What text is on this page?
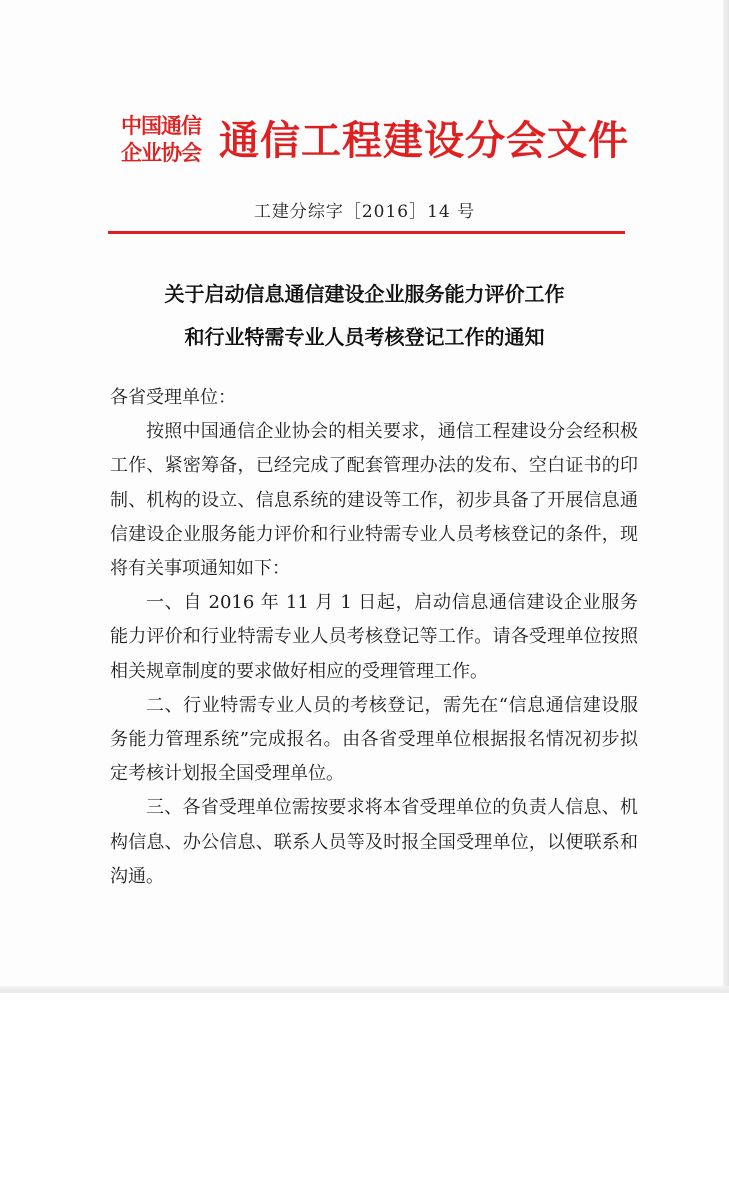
中国通信
企业协会 通信工程建设分会文件
工建分综字［2016］14 号
关于启动信息通信建设企业服务能力评价工作
和行业特需专业人员考核登记工作的通知

各省受理单位：

按照中国通信企业协会的相关要求，通信工程建设分会经积极工作、紧密筹备，已经完成了配套管理办法的发布、空白证书的印制、机构的设立、信息系统的建设等工作，初步具备了开展信息通信建设企业服务能力评价和行业特需专业人员考核登记的条件，现将有关事项通知如下：

一、自 2016 年 11 月 1 日起，启动信息通信建设企业服务能力评价和行业特需专业人员考核登记等工作。请各受理单位按照相关规章制度的要求做好相应的受理管理工作。

二、行业特需专业人员的考核登记，需先在“信息通信建设服务能力管理系统”完成报名。由各省受理单位根据报名情况初步拟定考核计划报全国受理单位。

三、各省受理单位需按要求将本省受理单位的负责人信息、机构信息、办公信息、联系人员等及时报全国受理单位，以便联系和沟通。
